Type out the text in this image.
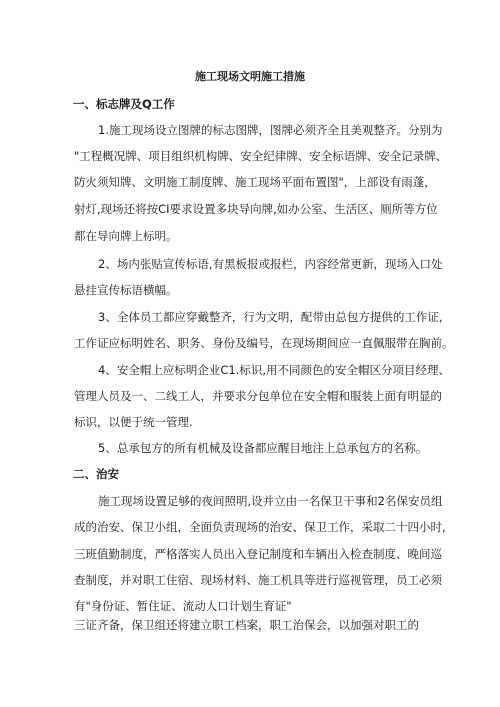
施工现场文明施工措施
一、标志牌及Q工作
1.施工现场设立图牌的标志图牌，图牌必须齐全且美观整齐。分别为
"工程概况牌、项目组织机构牌、安全纪律牌、安全标语牌、安全记录牌、
防火须知牌、文明施工制度牌、施工现场平面布置图"，上部设有雨蓬，
射灯,现场还将按CI要求设置多块导向牌,如办公室、生活区、厕所等方位
都在导向牌上标明。
2、场内张贴宣传标语,有黑板报或报栏，内容经常更新，现场入口处
悬挂宣传标语横幅。
3、全体员工都应穿戴整齐，行为文明，配带由总包方提供的工作证,
工作证应标明姓名、职务、身份及编号，在现场期间应一直佩服带在胸前。
4、安全帽上应标明企业C1.标识,用不同颜色的安全帽区分项目经理、
管理人员及一、二线工人，并要求分包单位在安全帽和服装上面有明显的
标识，以便于统一管理.
5、总承包方的所有机械及设备都应醒目地注上总承包方的名称。
二、治安
施工现场设置足够的夜间照明,设并立由一名保卫干事和2名保安员组
成的治安、保卫小组，全面负责现场的治安、保卫工作，采取二十四小时,
三班值勤制度，严格落实人员出入登记制度和车辆出入检查制度、晚间巡
查制度，并对职工住宿、现场材料、施工机具等进行巡视管理，员工必须
有"身份证、暂住证、流动人口计划生育证"
三证齐备，保卫组还将建立职工档案，职工治保会，以加强对职工的
